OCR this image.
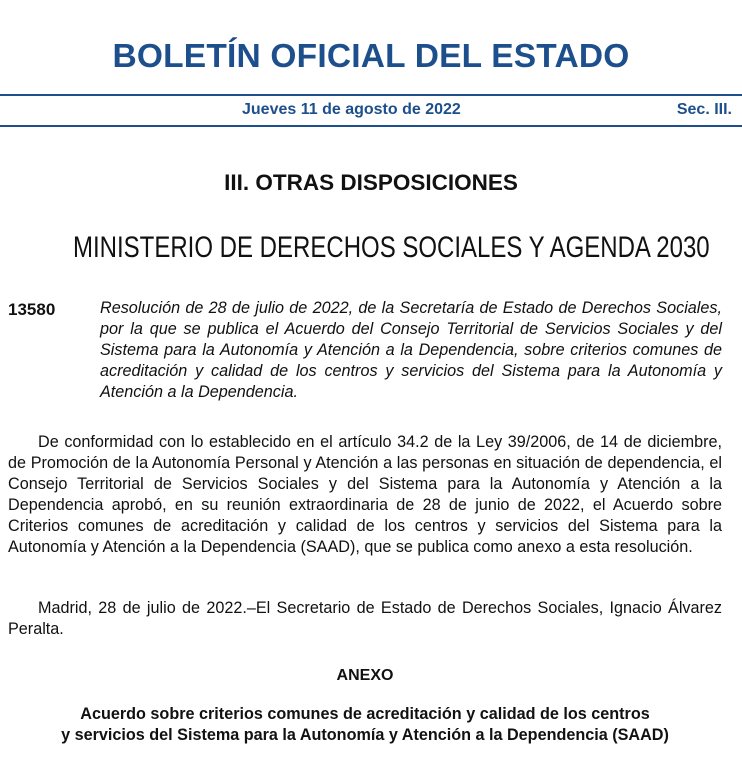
BOLETÍN OFICIAL DEL ESTADO
Jueves 11 de agosto de 2022	Sec. III.
III. OTRAS DISPOSICIONES
MINISTERIO DE DERECHOS SOCIALES Y AGENDA 2030
13580	Resolución de 28 de julio de 2022, de la Secretaría de Estado de Derechos Sociales, por la que se publica el Acuerdo del Consejo Territorial de Servicios Sociales y del Sistema para la Autonomía y Atención a la Dependencia, sobre criterios comunes de acreditación y calidad de los centros y servicios del Sistema para la Autonomía y Atención a la Dependencia.
De conformidad con lo establecido en el artículo 34.2 de la Ley 39/2006, de 14 de diciembre, de Promoción de la Autonomía Personal y Atención a las personas en situación de dependencia, el Consejo Territorial de Servicios Sociales y del Sistema para la Autonomía y Atención a la Dependencia aprobó, en su reunión extraordinaria de 28 de junio de 2022, el Acuerdo sobre Criterios comunes de acreditación y calidad de los centros y servicios del Sistema para la Autonomía y Atención a la Dependencia (SAAD), que se publica como anexo a esta resolución.
Madrid, 28 de julio de 2022.–El Secretario de Estado de Derechos Sociales, Ignacio Álvarez Peralta.
ANEXO
Acuerdo sobre criterios comunes de acreditación y calidad de los centros
y servicios del Sistema para la Autonomía y Atención a la Dependencia (SAAD)
